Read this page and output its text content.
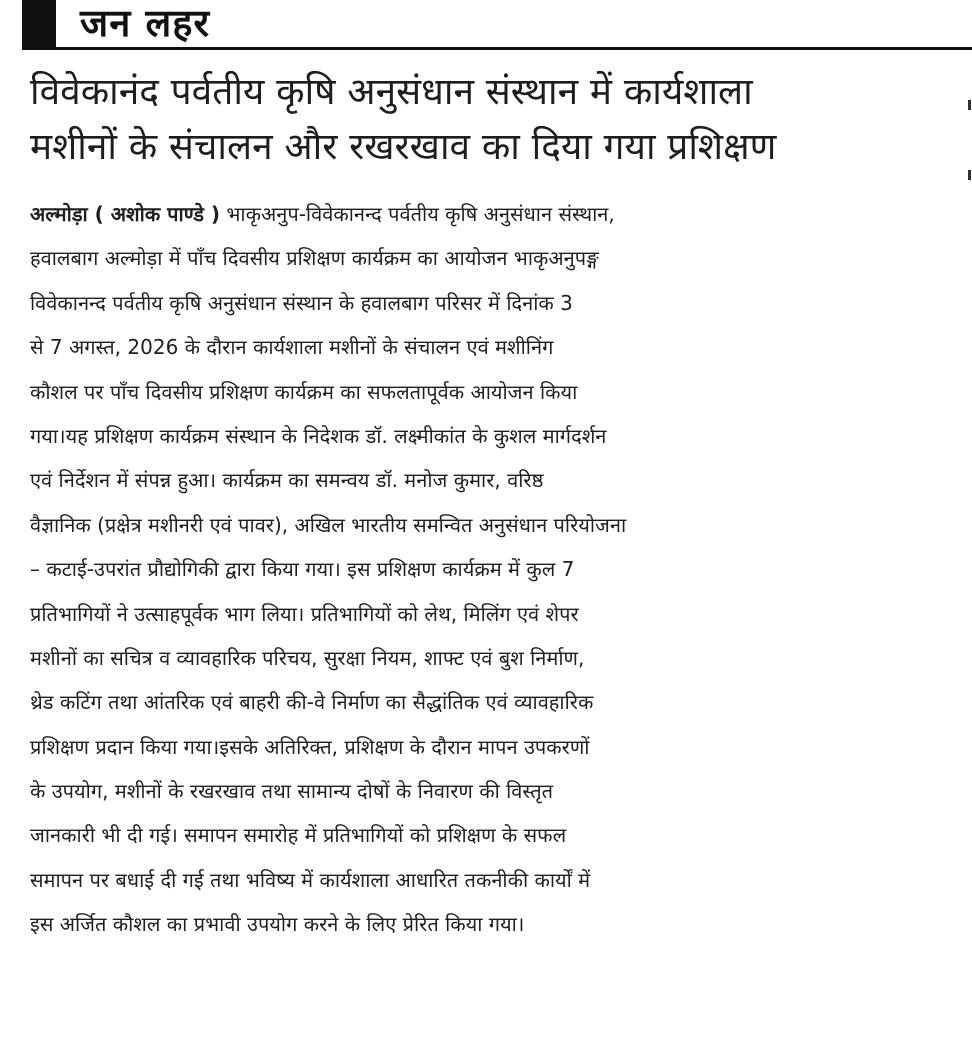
जन लहर
विवेकानंद पर्वतीय कृषि अनुसंधान संस्थान में कार्यशाला
मशीनों के संचालन और रखरखाव का दिया गया प्रशिक्षण
अल्मोड़ा ( अशोक पाण्डे ) भाकृअनुप-विवेकानन्द पर्वतीय कृषि अनुसंधान संस्थान,
हवालबाग अल्मोड़ा में पाँच दिवसीय प्रशिक्षण कार्यक्रम का आयोजन भाकृअनुपङ्ग
विवेकानन्द पर्वतीय कृषि अनुसंधान संस्थान के हवालबाग परिसर में दिनांक 3
से 7 अगस्त, 2026 के दौरान कार्यशाला मशीनों के संचालन एवं मशीनिंग
कौशल पर पाँच दिवसीय प्रशिक्षण कार्यक्रम का सफलतापूर्वक आयोजन किया
गया।यह प्रशिक्षण कार्यक्रम संस्थान के निदेशक डॉ. लक्ष्मीकांत के कुशल मार्गदर्शन
एवं निर्देशन में संपन्न हुआ। कार्यक्रम का समन्वय डॉ. मनोज कुमार, वरिष्ठ
वैज्ञानिक (प्रक्षेत्र मशीनरी एवं पावर), अखिल भारतीय समन्वित अनुसंधान परियोजना
– कटाई-उपरांत प्रौद्योगिकी द्वारा किया गया। इस प्रशिक्षण कार्यक्रम में कुल 7
प्रतिभागियों ने उत्साहपूर्वक भाग लिया। प्रतिभागियों को लेथ, मिलिंग एवं शेपर
मशीनों का सचित्र व व्यावहारिक परिचय, सुरक्षा नियम, शाफ्ट एवं बुश निर्माण,
थ्रेड कटिंग तथा आंतरिक एवं बाहरी की-वे निर्माण का सैद्धांतिक एवं व्यावहारिक
प्रशिक्षण प्रदान किया गया।इसके अतिरिक्त, प्रशिक्षण के दौरान मापन उपकरणों
के उपयोग, मशीनों के रखरखाव तथा सामान्य दोषों के निवारण की विस्तृत
जानकारी भी दी गई। समापन समारोह में प्रतिभागियों को प्रशिक्षण के सफल
समापन पर बधाई दी गई तथा भविष्य में कार्यशाला आधारित तकनीकी कार्यों में
इस अर्जित कौशल का प्रभावी उपयोग करने के लिए प्रेरित किया गया।
